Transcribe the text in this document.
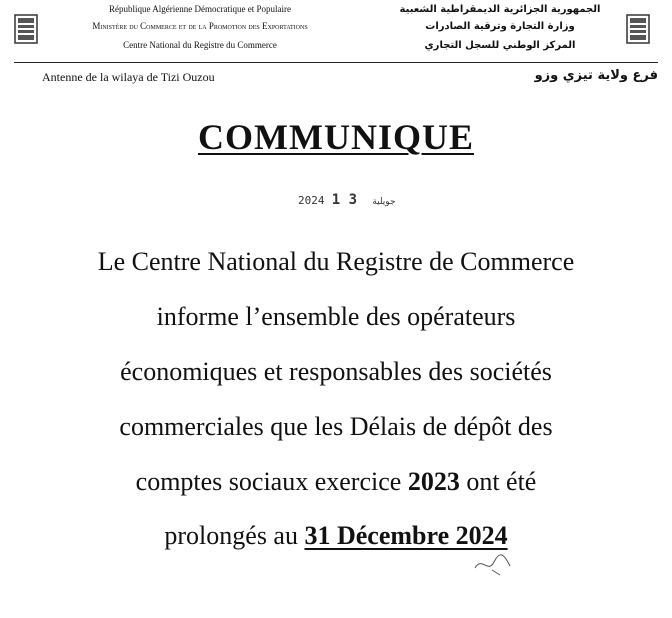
République Algérienne Démocratique et Populaire
Ministère du Commerce et de la Promotion des Exportations
Centre National du Registre du Commerce
الجمهورية الجزائرية الديمقراطية الشعبية
وزارة التجارة وترقية الصادرات
المركز الوطني للسجل التجاري
Antenne de la wilaya de Tizi Ouzou	فرع ولاية تيزي وزو
COMMUNIQUE
2024	جويلية 3 1
Le Centre National du Registre de Commerce
informe l’ensemble des opérateurs
économiques et responsables des sociétés
commerciales que les Délais de dépôt des
comptes sociaux exercice 2023 ont été
prolongés au 31 Décembre 2024
